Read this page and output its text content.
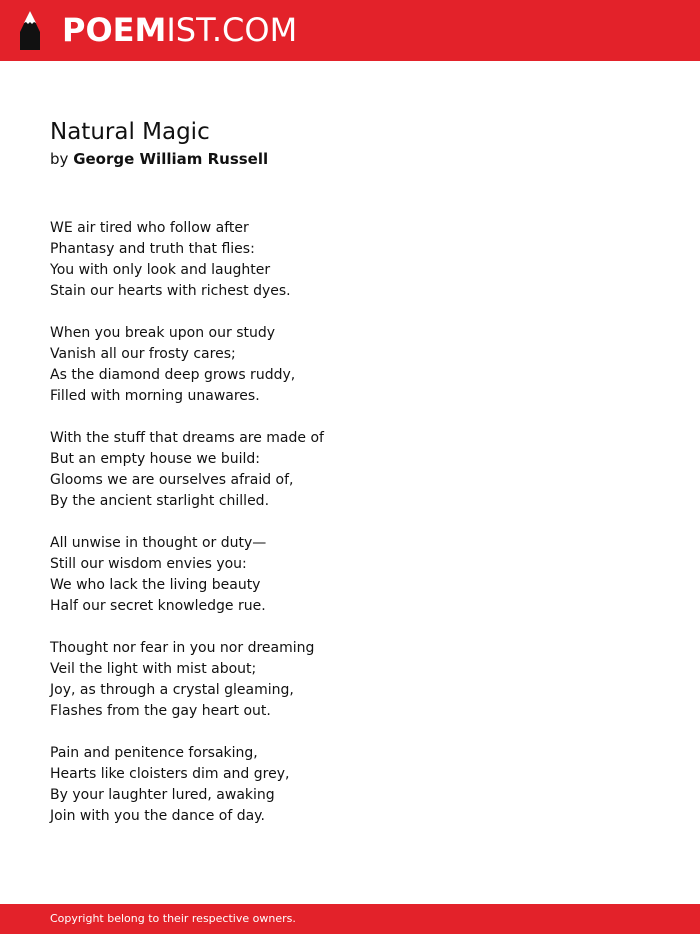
POEMIST.COM
Natural Magic
by George William Russell
WE air tired who follow after
Phantasy and truth that flies:
You with only look and laughter
Stain our hearts with richest dyes.
When you break upon our study
Vanish all our frosty cares;
As the diamond deep grows ruddy,
Filled with morning unawares.
With the stuff that dreams are made of
But an empty house we build:
Glooms we are ourselves afraid of,
By the ancient starlight chilled.
All unwise in thought or duty—
Still our wisdom envies you:
We who lack the living beauty
Half our secret knowledge rue.
Thought nor fear in you nor dreaming
Veil the light with mist about;
Joy, as through a crystal gleaming,
Flashes from the gay heart out.
Pain and penitence forsaking,
Hearts like cloisters dim and grey,
By your laughter lured, awaking
Join with you the dance of day.
Copyright belong to their respective owners.
